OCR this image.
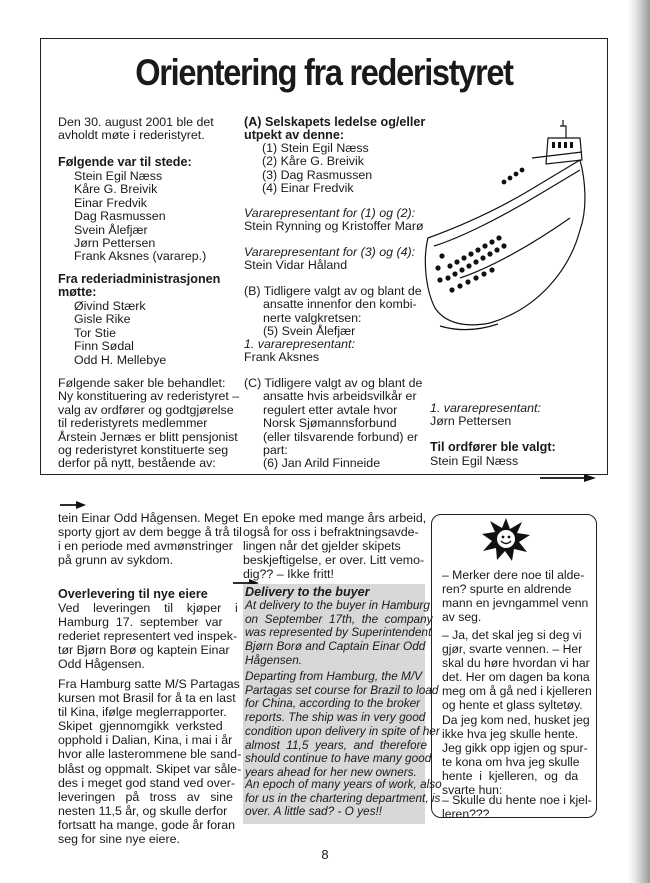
Orientering fra rederistyret
Den 30. august 2001 ble det
avholdt møte i rederistyret.
Følgende var til stede:
Stein Egil Næss
Kåre G. Breivik
Einar Fredvik
Dag Rasmussen
Svein Ålefjær
Jørn Pettersen
Frank Aksnes (vararep.)
Fra rederiadministrasjonen
møtte:
Øivind Stærk
Gisle Rike
Tor Stie
Finn Sødal
Odd H. Mellebye
Følgende saker ble behandlet:
Ny konstituering av rederistyret –
valg av ordfører og godtgjørelse
til rederistyrets medlemmer
Årstein Jernæs er blitt pensjonist
og rederistyret konstituerte seg
derfor på nytt, bestående av:
(A) Selskapets ledelse og/eller
utpekt av denne:
(1) Stein Egil Næss
(2) Kåre G. Breivik
(3) Dag Rasmussen
(4) Einar Fredvik
Vararepresentant for (1) og (2):
Stein Rynning og Kristoffer Marø
Vararepresentant for (3) og (4):
Stein Vidar Håland
(B) Tidligere valgt av og blant de
ansatte innenfor den kombi-
nerte valgkretsen:
(5) Svein Ålefjær
1. vararepresentant:
Frank Aksnes
(C) Tidligere valgt av og blant de
ansatte hvis arbeidsvilkår er
regulert etter avtale hvor
Norsk Sjømannsforbund
(eller tilsvarende forbund) er
part:
(6) Jan Arild Finneide
1. vararepresentant:
Jørn Pettersen
Til ordfører ble valgt:
Stein Egil Næss
tein Einar Odd Hågensen. Meget
sporty gjort av dem begge å trå til
i en periode med avmønstringer
på grunn av sykdom.
Overlevering til nye eiere
Ved    leveringen    til    kjøper    i
Hamburg  17.  september  var
rederiet representert ved inspek-
tør Bjørn Borø og kaptein Einar
Odd Hågensen.
Fra Hamburg satte M/S Partagas
kursen mot Brasil for å ta en last
til Kina, ifølge meglerrapporter.
Skipet  gjennomgikk  verksted
opphold i Dalian, Kina, i mai i år
hvor alle lasterommene ble sand-
blåst og oppmalt. Skipet var såle-
des i meget god stand ved over-
leveringen   på   tross   av   sine
nesten 11,5 år, og skulle derfor
fortsatt ha mange, gode år foran
seg for sine nye eiere.
En epoke med mange års arbeid,
også for oss i befraktningsavde-
lingen når det gjelder skipets
beskjeftigelse, er over. Litt vemo-
dig?? – Ikke fritt!
Delivery to the buyer
At delivery to the buyer in Hamburg
on  September  17th,  the  company
was represented by Superintendent
Bjørn Borø and Captain Einar Odd
Hågensen.
Departing from Hamburg, the M/V
Partagas set course for Brazil to load
for China, according to the broker
reports. The ship was in very good
condition upon delivery in spite of her
almost  11,5  years,  and  therefore
should continue to have many good
years ahead for her new owners.
An epoch of many years of work, also
for us in the chartering department, is
over. A little sad? - O yes!!
– Merker dere noe til alde-
ren? spurte en aldrende
mann en jevngammel venn
av seg.
– Ja, det skal jeg si deg vi
gjør, svarte vennen. – Her
skal du høre hvordan vi har
det. Her om dagen ba kona
meg om å gå ned i kjelleren
og hente et glass syltetøy.
Da jeg kom ned, husket jeg
ikke hva jeg skulle hente.
Jeg gikk opp igjen og spur-
te kona om hva jeg skulle
hente  i  kjelleren,  og  da
svarte hun:
– Skulle du hente noe i kjel-
leren???
8
